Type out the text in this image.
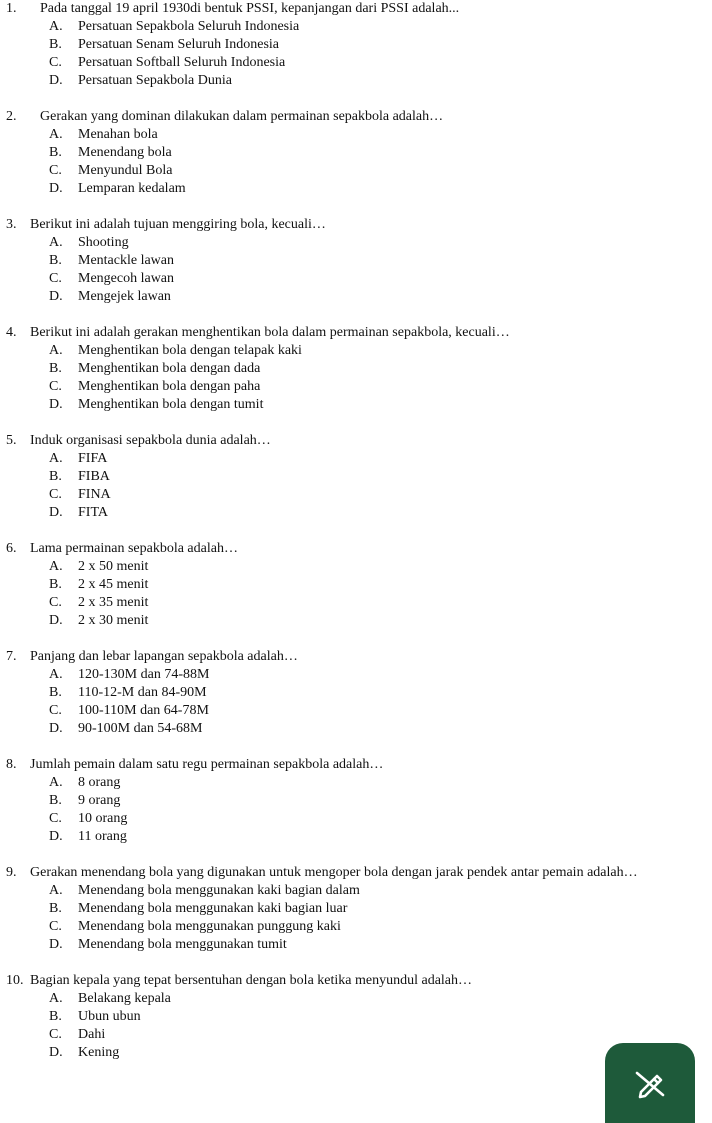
1. Pada tanggal 19 april 1930di bentuk PSSI, kepanjangan dari PSSI adalah...
A. Persatuan Sepakbola Seluruh Indonesia
B. Persatuan Senam Seluruh Indonesia
C. Persatuan Softball Seluruh Indonesia
D. Persatuan Sepakbola Dunia
2. Gerakan yang dominan dilakukan dalam permainan sepakbola adalah…
A. Menahan bola
B. Menendang bola
C. Menyundul Bola
D. Lemparan kedalam
3. Berikut ini adalah tujuan menggiring bola, kecuali…
A. Shooting
B. Mentackle lawan
C. Mengecoh lawan
D. Mengejek lawan
4. Berikut ini adalah gerakan menghentikan bola dalam permainan sepakbola, kecuali…
A. Menghentikan bola dengan telapak kaki
B. Menghentikan bola dengan dada
C. Menghentikan bola dengan paha
D. Menghentikan bola dengan tumit
5. Induk organisasi sepakbola dunia adalah…
A. FIFA
B. FIBA
C. FINA
D. FITA
6. Lama permainan sepakbola adalah…
A. 2 x 50 menit
B. 2 x 45 menit
C. 2 x 35 menit
D. 2 x 30 menit
7. Panjang dan lebar lapangan sepakbola adalah…
A. 120-130M dan 74-88M
B. 110-12-M dan 84-90M
C. 100-110M dan 64-78M
D. 90-100M dan 54-68M
8. Jumlah pemain dalam satu regu permainan sepakbola adalah…
A. 8 orang
B. 9 orang
C. 10 orang
D. 11 orang
9. Gerakan menendang bola yang digunakan untuk mengoper bola dengan jarak pendek antar pemain adalah…
A. Menendang bola menggunakan kaki bagian dalam
B. Menendang bola menggunakan kaki bagian luar
C. Menendang bola menggunakan punggung kaki
D. Menendang bola menggunakan tumit
10. Bagian kepala yang tepat bersentuhan dengan bola ketika menyundul adalah…
A. Belakang kepala
B. Ubun ubun
C. Dahi
D. Kening
